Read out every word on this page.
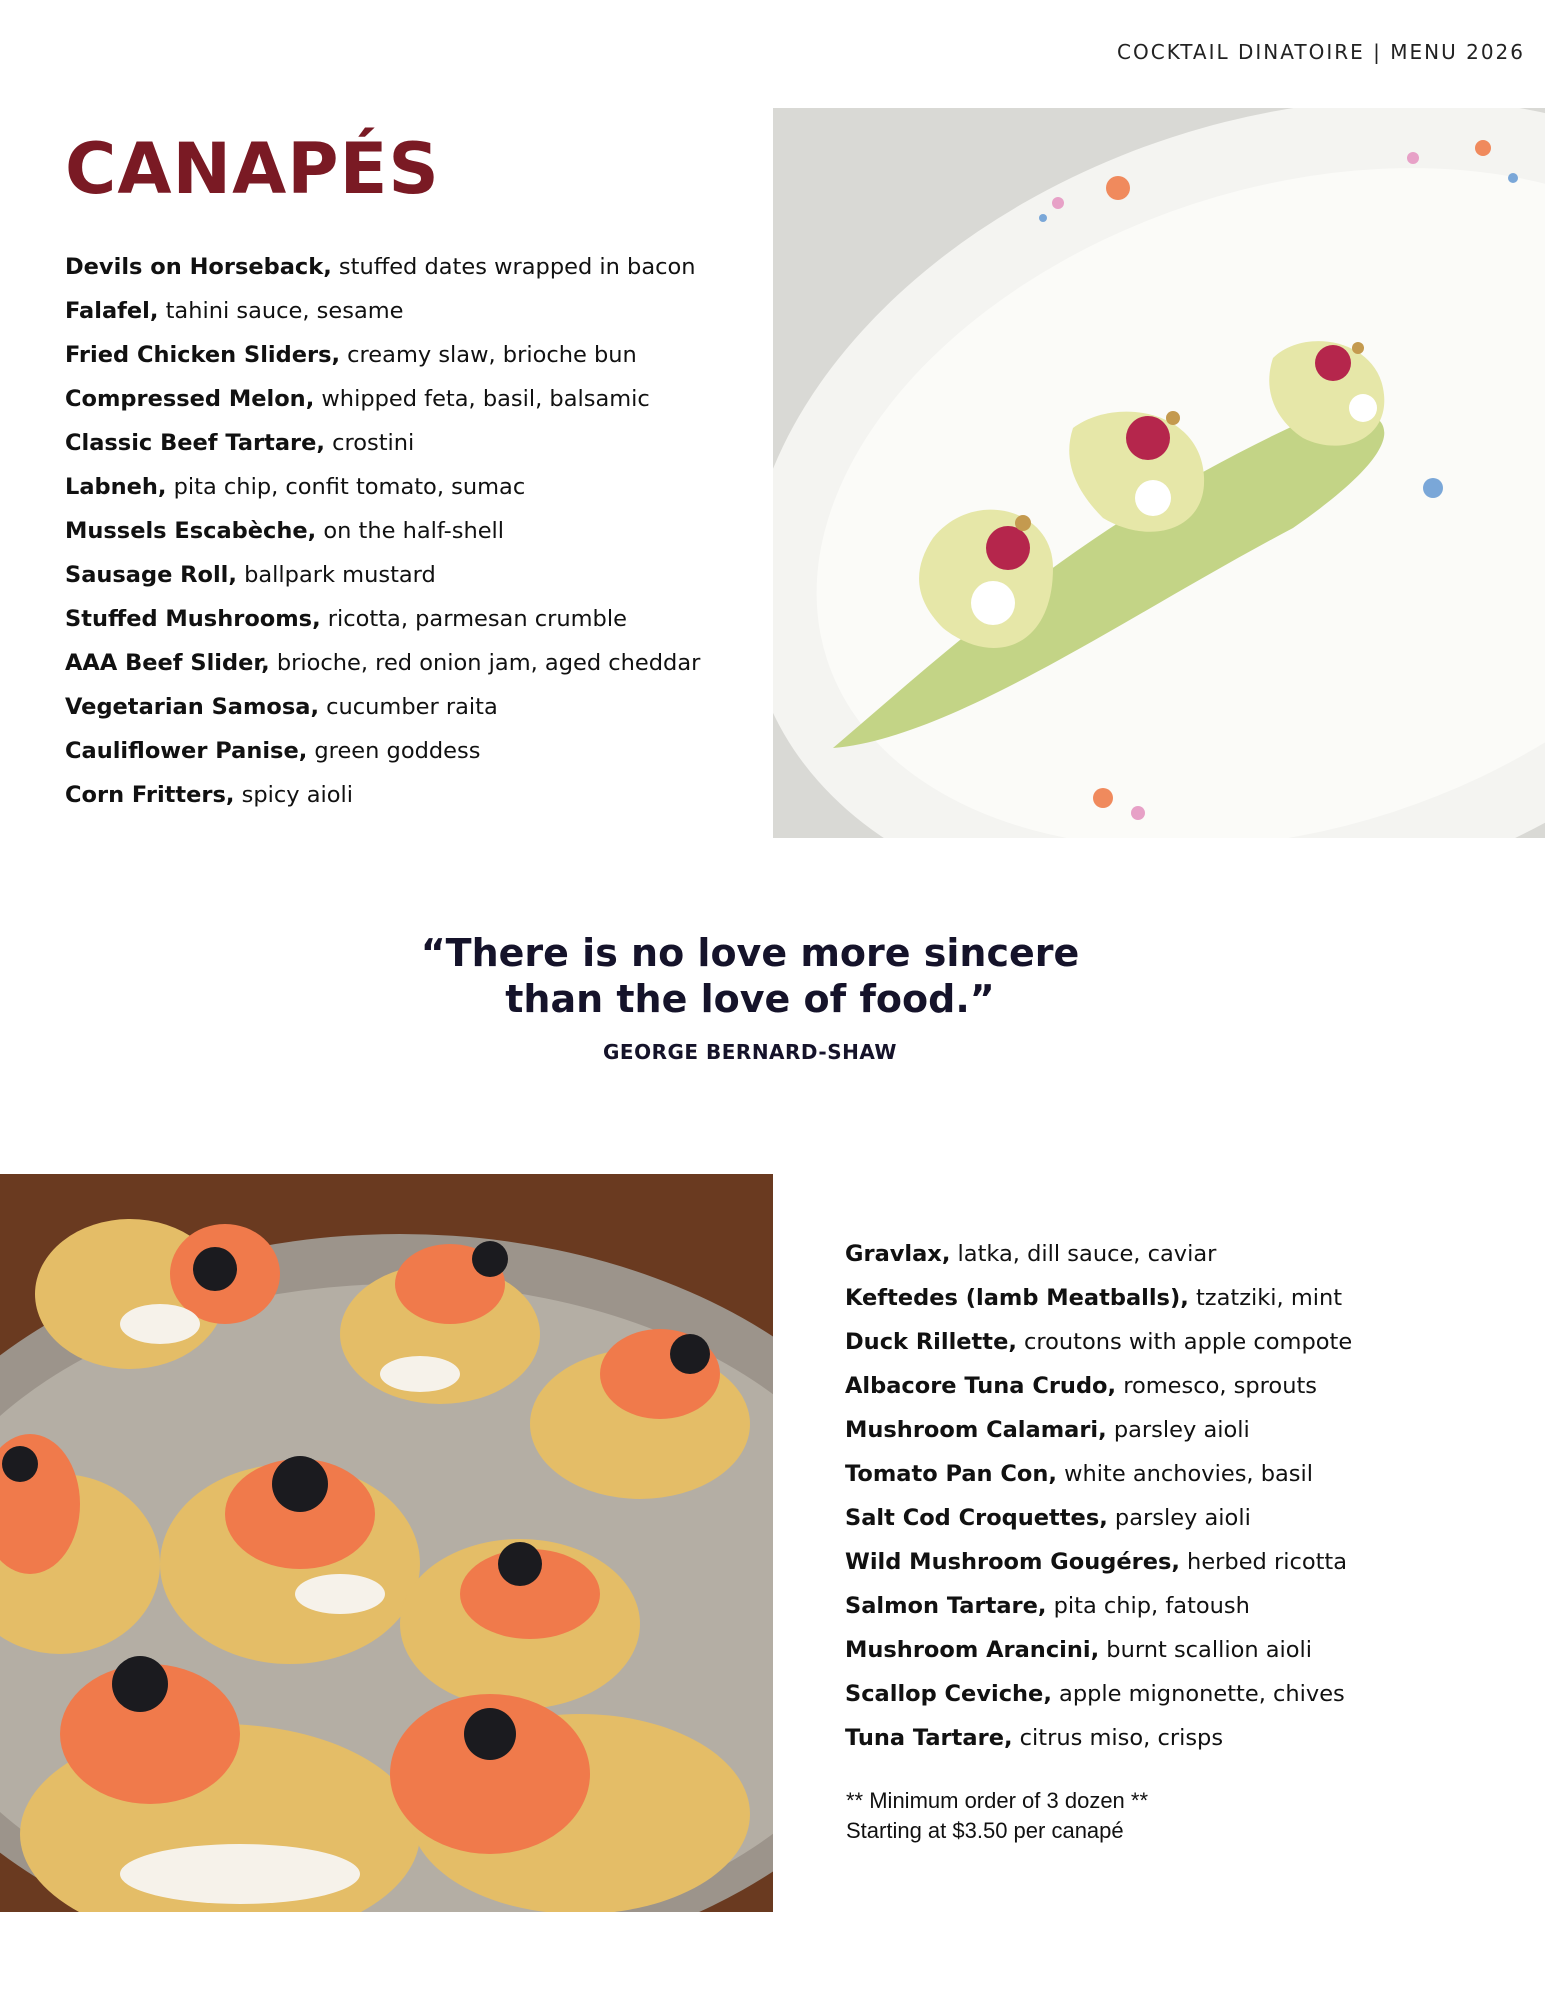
COCKTAIL DINATOIRE | MENU 2026
CANAPÉS
Devils on Horseback, stuffed dates wrapped in bacon
Falafel, tahini sauce, sesame
Fried Chicken Sliders, creamy slaw, brioche bun
Compressed Melon, whipped feta, basil, balsamic
Classic Beef Tartare, crostini
Labneh, pita chip, confit tomato, sumac
Mussels Escabèche, on the half-shell
Sausage Roll, ballpark mustard
Stuffed Mushrooms, ricotta, parmesan crumble
AAA Beef Slider, brioche, red onion jam, aged cheddar
Vegetarian Samosa, cucumber raita
Cauliflower Panise, green goddess
Corn Fritters, spicy aioli

“There is no love more sincere
than the love of food.”

GEORGE BERNARD-SHAW
Gravlax, latka, dill sauce, caviar
Keftedes (lamb Meatballs), tzatziki, mint
Duck Rillette, croutons with apple compote
Albacore Tuna Crudo, romesco, sprouts
Mushroom Calamari, parsley aioli
Tomato Pan Con, white anchovies, basil
Salt Cod Croquettes, parsley aioli
Wild Mushroom Gougéres, herbed ricotta
Salmon Tartare, pita chip, fatoush
Mushroom Arancini, burnt scallion aioli
Scallop Ceviche, apple mignonette, chives
Tuna Tartare, citrus miso, crisps
** Minimum order of 3 dozen **
Starting at $3.50 per canapé
